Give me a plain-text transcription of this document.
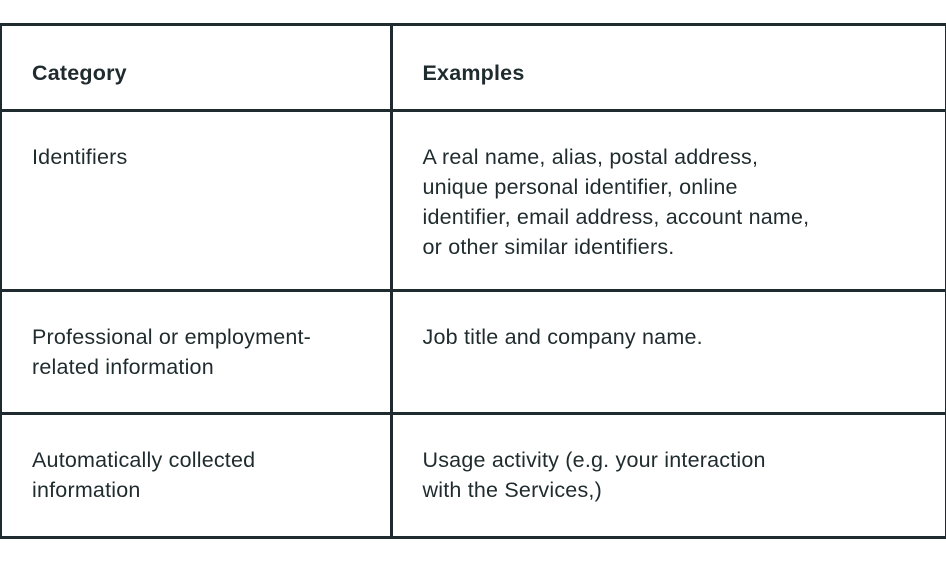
Category	Examples

Identifiers	A real name, alias, postal address,
unique personal identifier, online
identifier, email address, account name,
or other similar identifiers.

Professional or employment-
related information	Job title and company name.

Automatically collected
information	Usage activity (e.g. your interaction
with the Services,)
